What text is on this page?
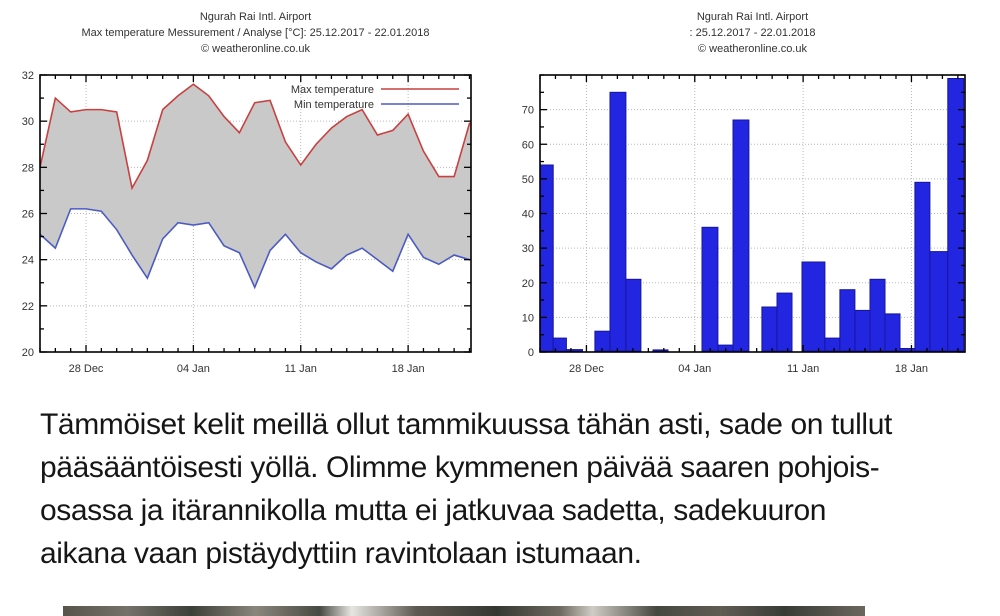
Ngurah Rai Intl. Airport
Max temperature Messurement / Analyse [°C]: 25.12.2017 - 22.01.2018
© weatheronline.co.uk
Ngurah Rai Intl. Airport
: 25.12.2017 - 22.01.2018
© weatheronline.co.uk
20
22
24
26
28
30
32
28 Dec	04 Jan	11 Jan	18 Jan
Max temperature
Min temperature
0
10
20
30
40
50
60
70
28 Dec	04 Jan	11 Jan	18 Jan
Tämmöiset kelit meillä ollut tammikuussa tähän asti, sade on tullut
pääsääntöisesti yöllä. Olimme kymmenen päivää saaren pohjois-
osassa ja itärannikolla mutta ei jatkuvaa sadetta, sadekuuron
aikana vaan pistäydyttiin ravintolaan istumaan.
